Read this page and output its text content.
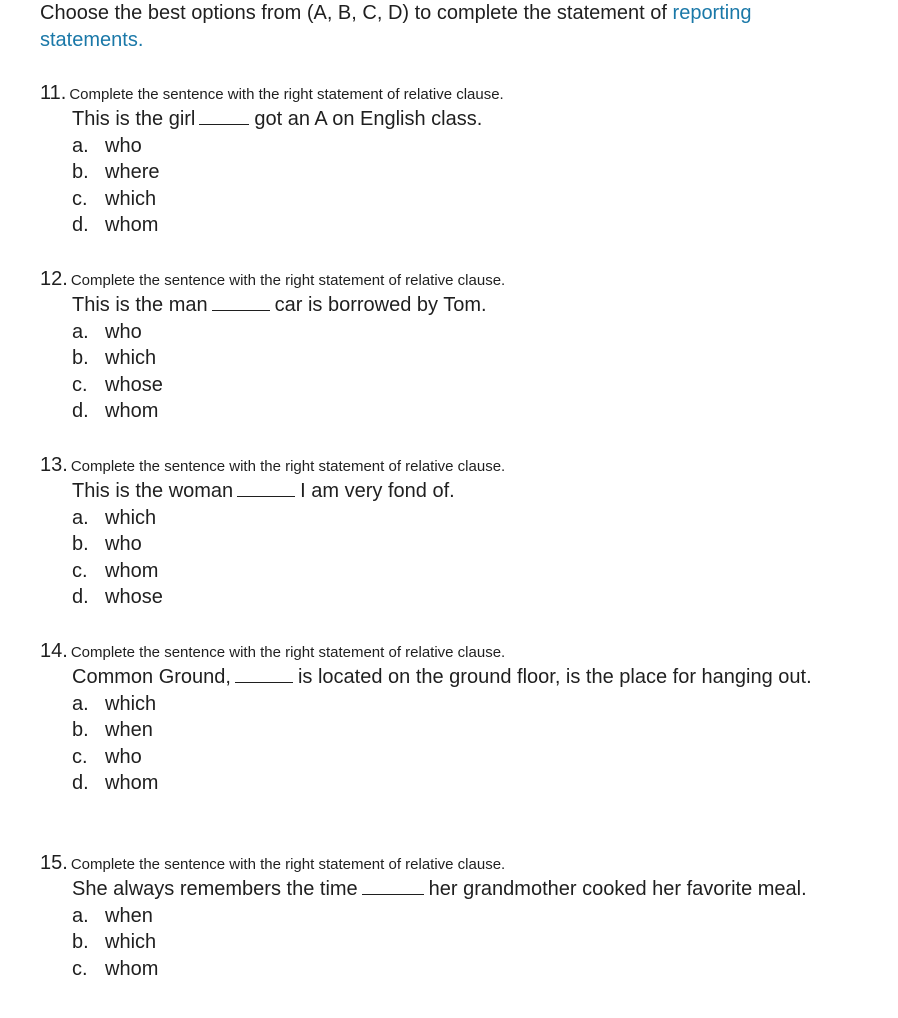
Choose the best options from (A, B, C, D) to complete the statement of reporting
statements.

11. Complete the sentence with the right statement of relative clause.
This is the girl	got an A on English class.
a. who
b. where
c. which
d. whom
12. Complete the sentence with the right statement of relative clause.
This is the man	car is borrowed by Tom.
a. who
b. which
c. whose
d. whom
13. Complete the sentence with the right statement of relative clause.
This is the woman	I am very fond of.
a. which
b. who
c. whom
d. whose
14. Complete the sentence with the right statement of relative clause.
Common Ground,	is located on the ground floor, is the place for hanging out.
a. which
b. when
c. who
d. whom
15. Complete the sentence with the right statement of relative clause.
She always remembers the time	her grandmother cooked her favorite meal.
a. when
b. which
c. whom
